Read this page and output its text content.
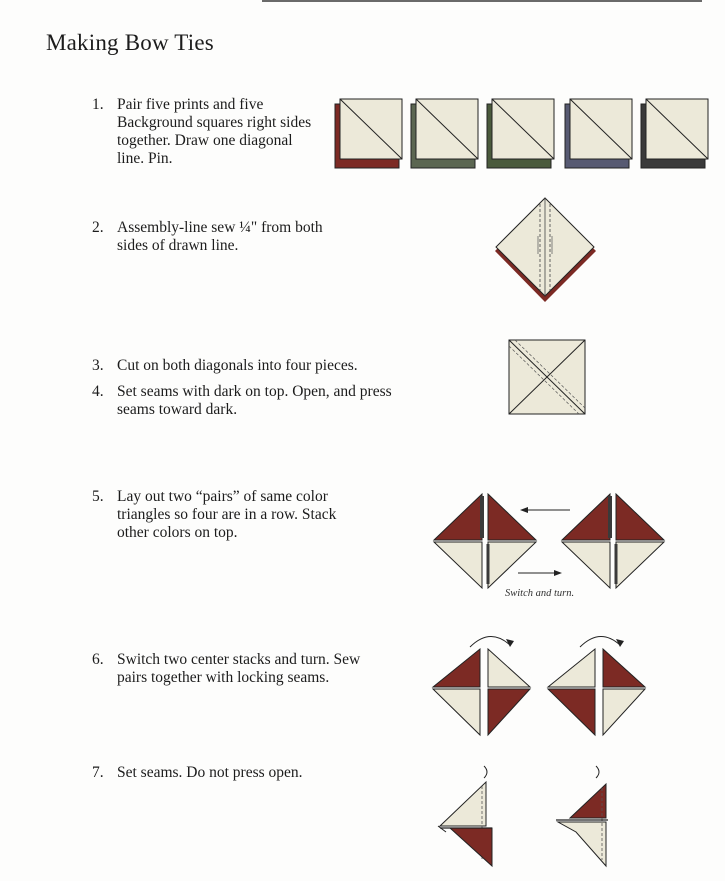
Making Bow Ties
1. Pair five prints and five
Background squares right sides
together. Draw one diagonal
line. Pin.
2. Assembly-line sew ¼" from both
sides of drawn line.
3. Cut on both diagonals into four pieces.
4. Set seams with dark on top. Open, and press
seams toward dark.
5. Lay out two “pairs” of same color
triangles so four are in a row. Stack
other colors on top.
6. Switch two center stacks and turn. Sew
pairs together with locking seams.
7. Set seams. Do not press open.
Switch and turn.
